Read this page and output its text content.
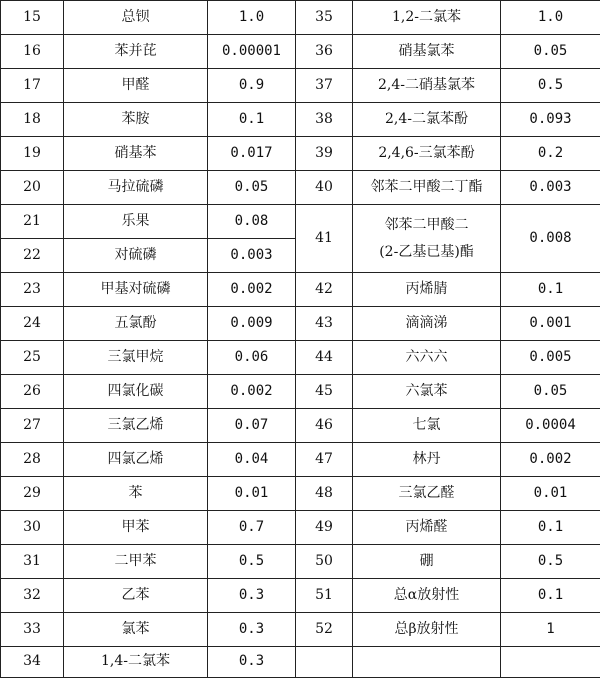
15	总钡	1.0	35	1,2-二氯苯	1.0
16	苯并芘	0.00001	36	硝基氯苯	0.05
17	甲醛	0.9	37	2,4-二硝基氯苯	0.5
18	苯胺	0.1	38	2,4-二氯苯酚	0.093
19	硝基苯	0.017	39	2,4,6-三氯苯酚	0.2
20	马拉硫磷	0.05	40	邻苯二甲酸二丁酯	0.003
21	乐果	0.08	41	邻苯二甲酸二
(2-乙基已基)酯	0.008
22	对硫磷	0.003			
23	甲基对硫磷	0.002	42	丙烯腈	0.1
24	五氯酚	0.009	43	滴滴涕	0.001
25	三氯甲烷	0.06	44	六六六	0.005
26	四氯化碳	0.002	45	六氯苯	0.05
27	三氯乙烯	0.07	46	七氯	0.0004
28	四氯乙烯	0.04	47	林丹	0.002
29	苯	0.01	48	三氯乙醛	0.01
30	甲苯	0.7	49	丙烯醛	0.1
31	二甲苯	0.5	50	硼	0.5
32	乙苯	0.3	51	总α放射性	0.1
33	氯苯	0.3	52	总β放射性	1
34	1,4-二氯苯	0.3			
